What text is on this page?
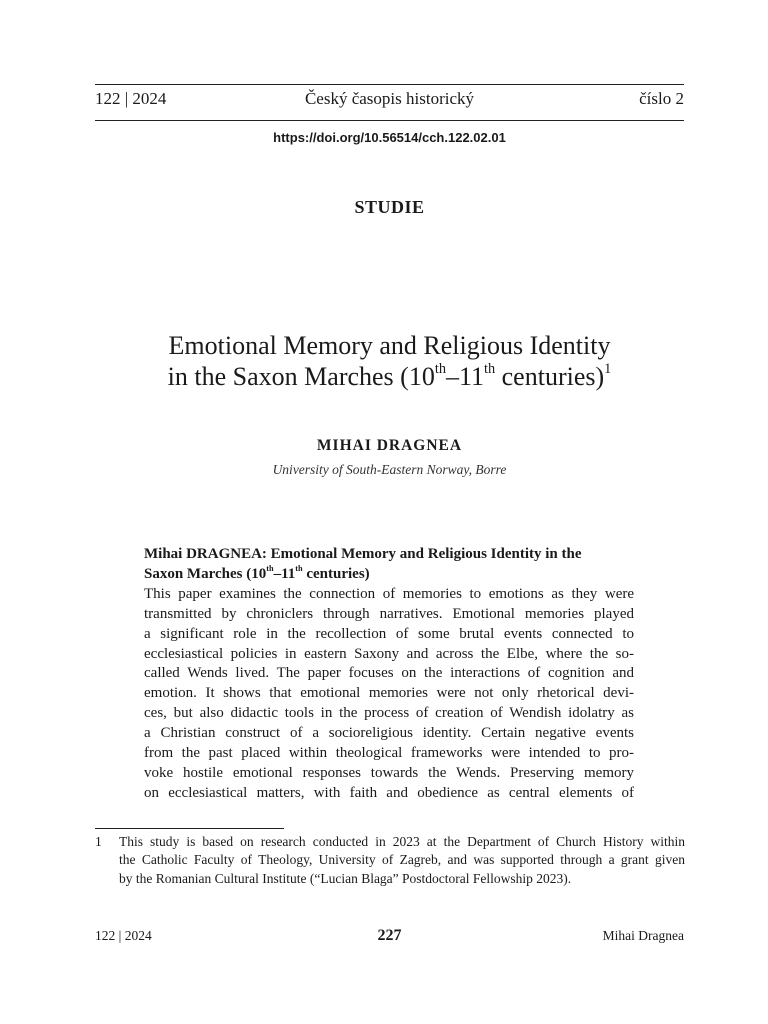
122 | 2024	Český časopis historický	číslo 2
https://doi.org/10.56514/cch.122.02.01
STUDIE
Emotional Memory and Religious Identity
in the Saxon Marches (10th–11th centuries)$^1$
MIHAI DRAGNEA
University of South-Eastern Norway, Borre
Mihai DRAGNEA: Emotional Memory and Religious Identity in the
Saxon Marches (10th–11th centuries)
This paper examines the connection of memories to emotions as they were
transmitted by chroniclers through narratives. Emotional memories played
a significant role in the recollection of some brutal events connected to
ecclesiastical policies in eastern Saxony and across the Elbe, where the so-
called Wends lived. The paper focuses on the interactions of cognition and
emotion. It shows that emotional memories were not only rhetorical devi-
ces, but also didactic tools in the process of creation of Wendish idolatry as
a Christian construct of a socioreligious identity. Certain negative events
from the past placed within theological frameworks were intended to pro-
voke hostile emotional responses towards the Wends. Preserving memory
on ecclesiastical matters, with faith and obedience as central elements of
1 This study is based on research conducted in 2023 at the Department of Church History within
the Catholic Faculty of Theology, University of Zagreb, and was supported through a grant given
by the Romanian Cultural Institute (“Lucian Blaga” Postdoctoral Fellowship 2023).
122 | 2024	227	Mihai Dragnea
